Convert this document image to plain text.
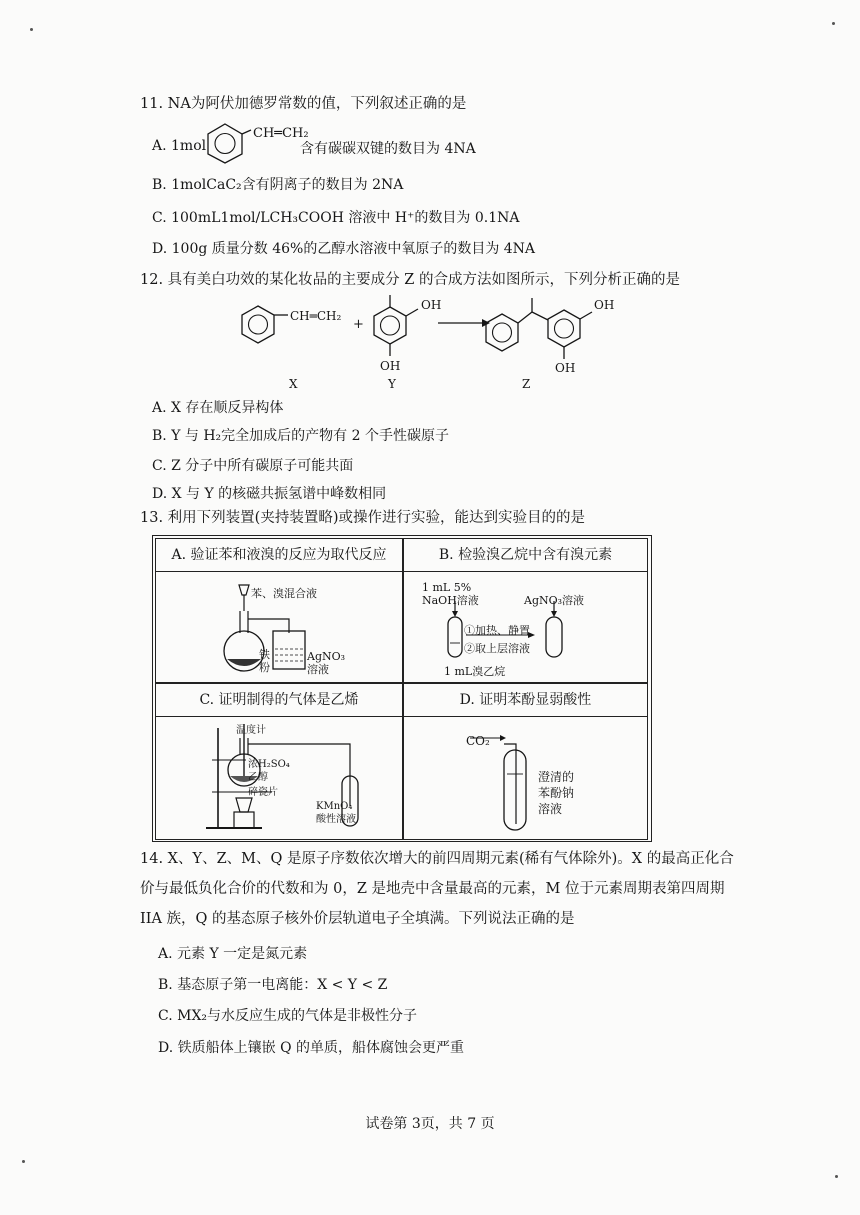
11. NA为阿伏加德罗常数的值，下列叙述正确的是
A. 1mol
CH═CH₂
含有碳碳双键的数目为 4NA
B. 1molCaC₂含有阴离子的数目为 2NA
C. 100mL1mol/LCH₃COOH 溶液中 H⁺的数目为 0.1NA
D. 100g 质量分数 46%的乙醇水溶液中氧原子的数目为 4NA
12. 具有美白功效的某化妆品的主要成分 Z 的合成方法如图所示，下列分析正确的是
CH═CH₂
+
OH
OH
OH
OH
X	Y	Z
A. X 存在顺反异构体
B. Y 与 H₂完全加成后的产物有 2 个手性碳原子
C. Z 分子中所有碳原子可能共面
D. X 与 Y 的核磁共振氢谱中峰数相同
13. 利用下列装置(夹持装置略)或操作进行实验，能达到实验目的的是
A. 验证苯和液溴的反应为取代反应
苯、溴混合液
铁
粉
AgNO₃
溶液
B. 检验溴乙烷中含有溴元素
1 mL 5%
NaOH溶液	AgNO₃溶液
①加热、静置
②取上层溶液
1 mL溴乙烷
C. 证明制得的气体是乙烯
温度计
浓H₂SO₄
乙醇
碎瓷片
KMnO₄
酸性溶液
D. 证明苯酚显弱酸性
CO₂
澄清的
苯酚钠
溶液
14. X、Y、Z、M、Q 是原子序数依次增大的前四周期元素(稀有气体除外)。X 的最高正化合
价与最低负化合价的代数和为 0，Z 是地壳中含量最高的元素，M 位于元素周期表第四周期
IIA 族，Q 的基态原子核外价层轨道电子全填满。下列说法正确的是
A. 元素 Y 一定是氮元素
B. 基态原子第一电离能：X < Y < Z
C. MX₂与水反应生成的气体是非极性分子
D. 铁质船体上镶嵌 Q 的单质，船体腐蚀会更严重
试卷第 3页，共 7 页
